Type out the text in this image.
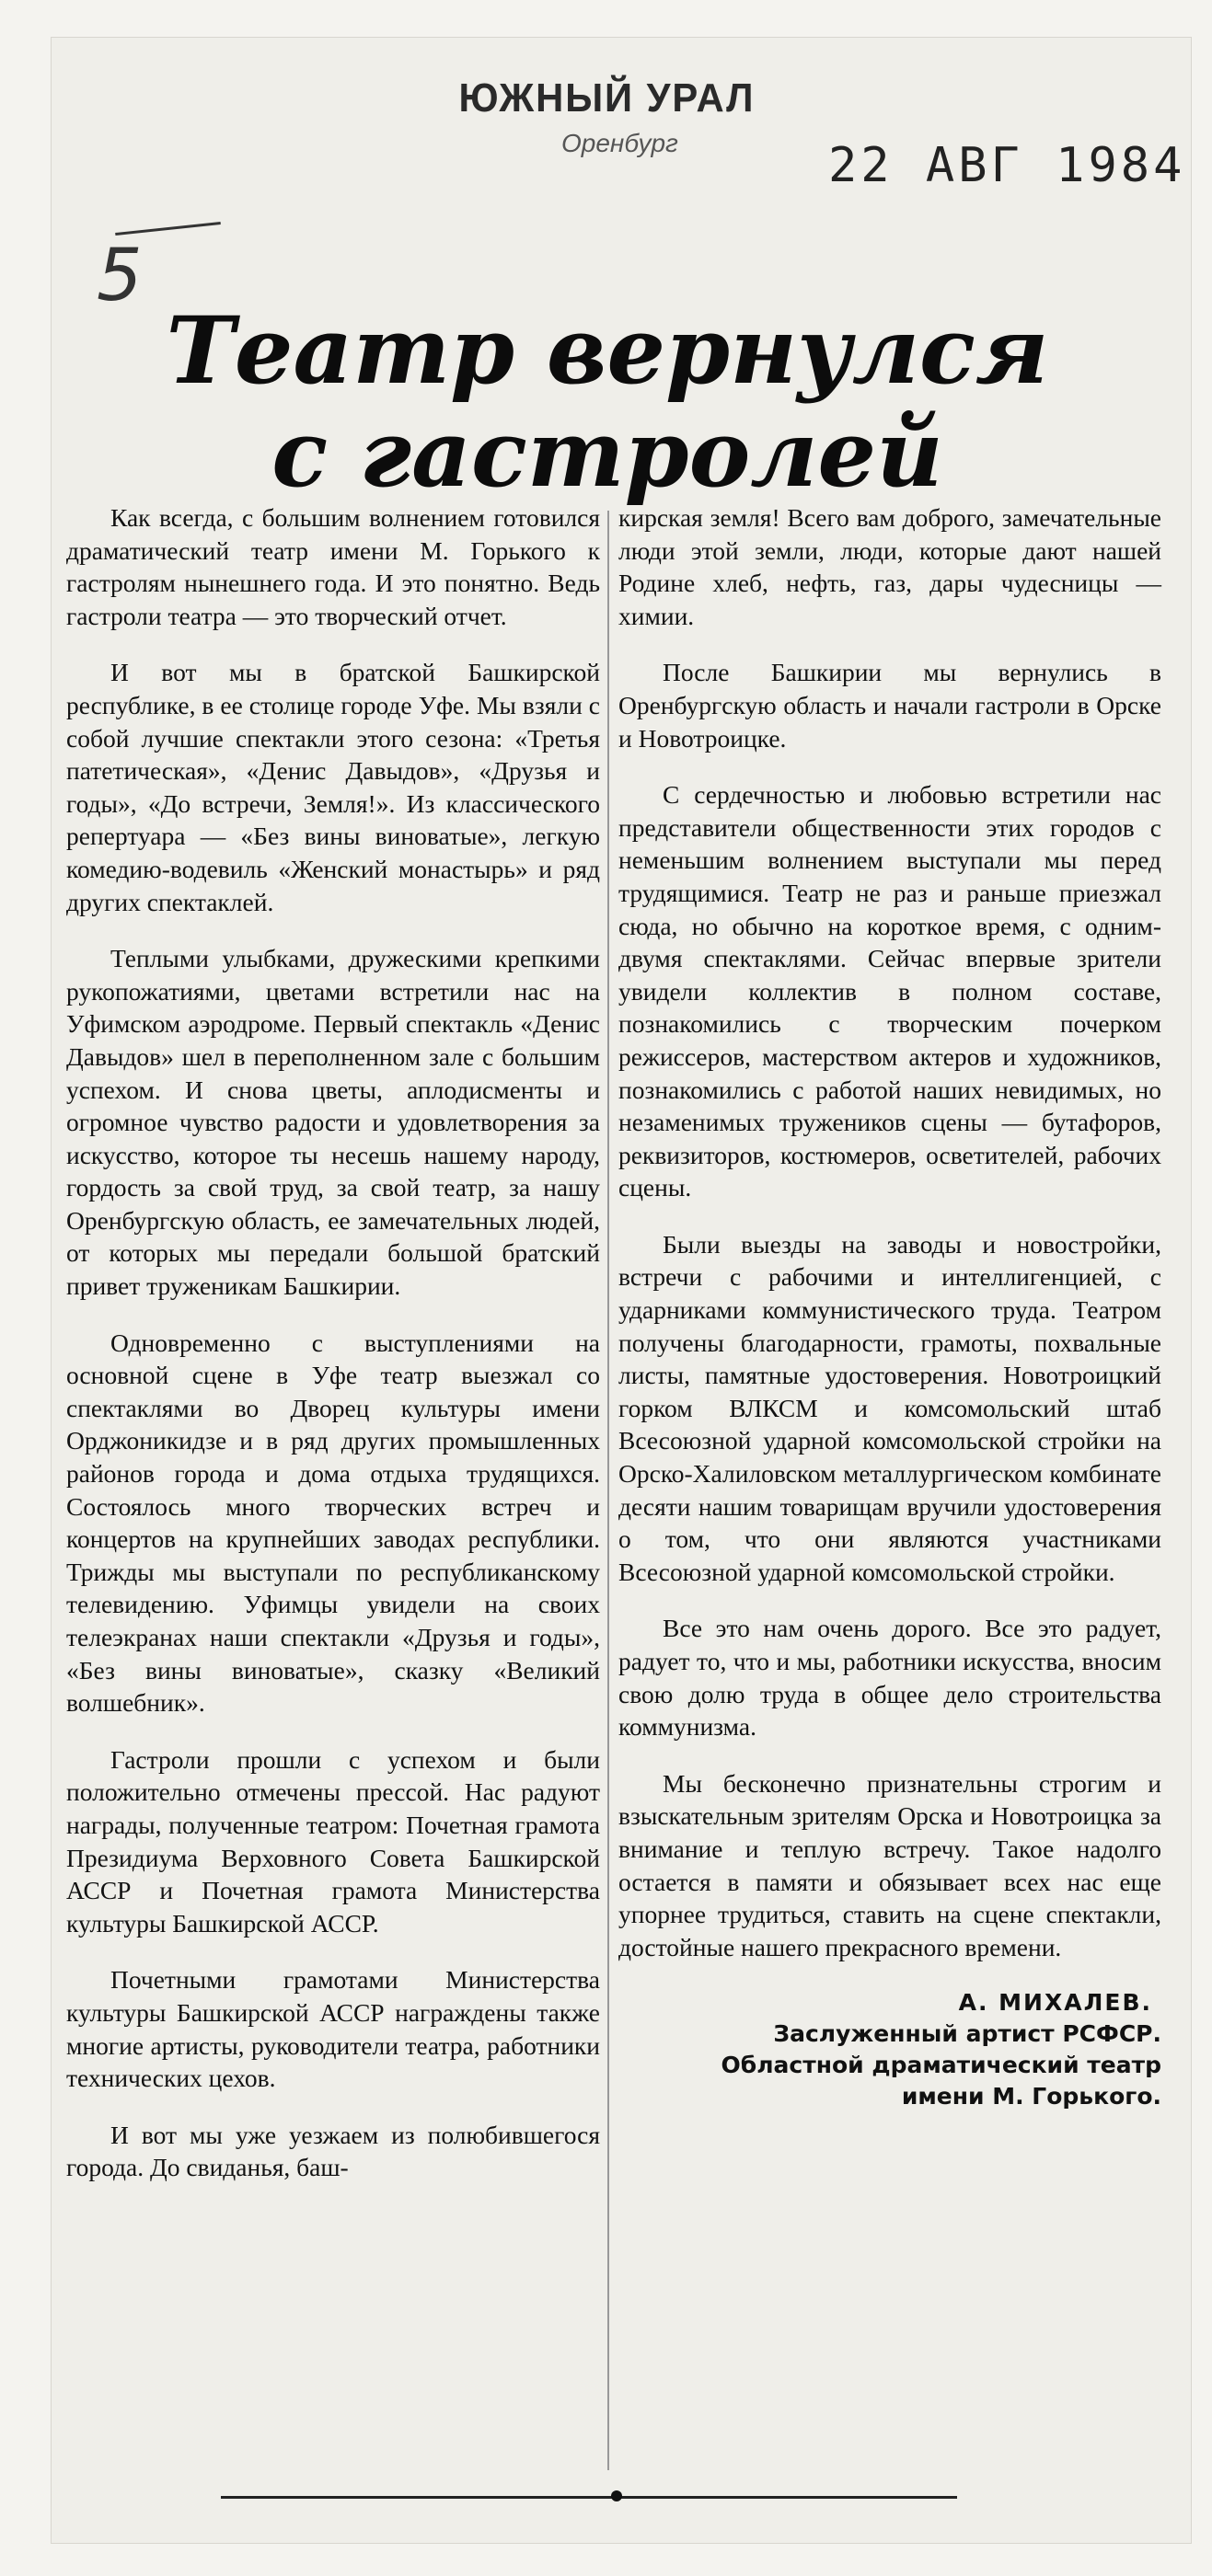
ЮЖНЫЙ УРАЛ
Оренбург	22 АВГ 1984
5
Театр вернулся
с гастролей

Как всегда, с большим волнением готовился драматический театр имени М. Горького к гастролям нынешнего года. И это понятно. Ведь гастроли театра — это творческий отчет.

И вот мы в братской Башкирской республике, в ее столице городе Уфе. Мы взяли с собой лучшие спектакли этого сезона: «Третья патетическая», «Денис Давыдов», «Друзья и годы», «До встречи, Земля!». Из классического репертуара — «Без вины виноватые», легкую комедию-водевиль «Женский монастырь» и ряд других спектаклей.

Теплыми улыбками, дружескими крепкими рукопожатиями, цветами встретили нас на Уфимском аэродроме. Первый спектакль «Денис Давыдов» шел в переполненном зале с большим успехом. И снова цветы, аплодисменты и огромное чувство радости и удовлетворения за искусство, которое ты несешь нашему народу, гордость за свой труд, за свой театр, за нашу Оренбургскую область, ее замечательных людей, от которых мы передали большой братский привет труженикам Башкирии.

Одновременно с выступлениями на основной сцене в Уфе театр выезжал со спектаклями во Дворец культуры имени Орджоникидзе и в ряд других промышленных районов города и дома отдыха трудящихся. Состоялось много творческих встреч и концертов на крупнейших заводах республики. Трижды мы выступали по республиканскому телевидению. Уфимцы увидели на своих телеэкранах наши спектакли «Друзья и годы», «Без вины виноватые», сказку «Великий волшебник».

Гастроли прошли с успехом и были положительно отмечены прессой. Нас радуют награды, полученные театром: Почетная грамота Президиума Верховного Совета Башкирской АССР и Почетная грамота Министерства культуры Башкирской АССР.

Почетными грамотами Министерства культуры Башкирской АССР награждены также многие артисты, руководители театра, работники технических цехов.

И вот мы уже уезжаем из полюбившегося города. До свиданья, баш-

кирская земля! Всего вам доброго, замечательные люди этой земли, люди, которые дают нашей Родине хлеб, нефть, газ, дары чудесницы — химии.

После Башкирии мы вернулись в Оренбургскую область и начали гастроли в Орске и Новотроицке.

С сердечностью и любовью встретили нас представители общественности этих городов с неменьшим волнением выступали мы перед трудящимися. Театр не раз и раньше приезжал сюда, но обычно на короткое время, с одним-двумя спектаклями. Сейчас впервые зрители увидели коллектив в полном составе, познакомились с творческим почерком режиссеров, мастерством актеров и художников, познакомились с работой наших невидимых, но незаменимых тружеников сцены — бутафоров, реквизиторов, костюмеров, осветителей, рабочих сцены.

Были выезды на заводы и новостройки, встречи с рабочими и интеллигенцией, с ударниками коммунистического труда. Театром получены благодарности, грамоты, похвальные листы, памятные удостоверения. Новотроицкий горком ВЛКСМ и комсомольский штаб Всесоюзной ударной комсомольской стройки на Орско-Халиловском металлургическом комбинате десяти нашим товарищам вручили удостоверения о том, что они являются участниками Всесоюзной ударной комсомольской стройки.

Все это нам очень дорого. Все это радует, радует то, что и мы, работники искусства, вносим свою долю труда в общее дело строительства коммунизма.

Мы бесконечно признательны строгим и взыскательным зрителям Орска и Новотроицка за внимание и теплую встречу. Такое надолго остается в памяти и обязывает всех нас еще упорнее трудиться, ставить на сцене спектакли, достойные нашего прекрасного времени.

А. МИХАЛЕВ.
Заслуженный артист РСФСР.
Областной драматический театр
имени М. Горького.
